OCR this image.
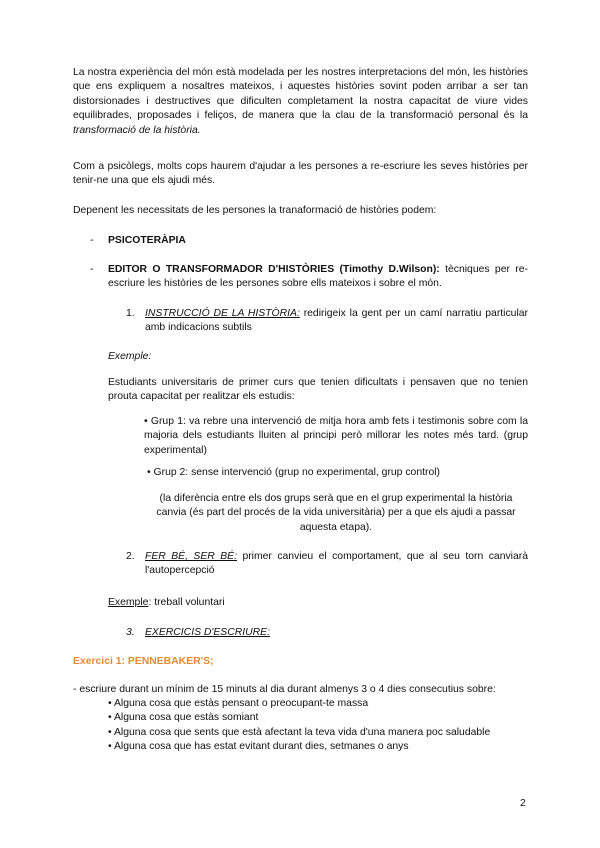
La nostra experiència del món està modelada per les nostres interpretacions del món, les històries que ens expliquem a nosaltres mateixos, i aquestes històries sovint poden arribar a ser tan distorsionades i destructives que dificulten completament la nostra capacitat de viure vides equilibrades, proposades i feliços, de manera que la clau de la transformació personal és la transformació de la història.

Com a psicòlegs, molts cops haurem d'ajudar a les persones a re-escriure les seves històries per tenir-ne una que els ajudi més.

Depenent les necessitats de les persones la tranaformació de històries podem:

- PSICOTERÀPIA
- EDITOR O TRANSFORMADOR D'HISTÒRIES (Timothy D.Wilson): tècniques per re-escriure les històries de les persones sobre ells mateixos i sobre el món.

1. INSTRUCCIÓ DE LA HISTÒRIA: redirigeix la gent per un camí narratiu particular amb indicacions subtils

Exemple:

Estudiants universitaris de primer curs que tenien dificultats i pensaven que no tenien prouta capacitat per realitzar els estudis:

• Grup 1: va rebre una intervenció de mitja hora amb fets i testimonis sobre com la majoria dels estudiants lluiten al principi però millorar les notes més tard. (grup experimental)

• Grup 2: sense intervenció (grup no experimental, grup control)

(la diferència entre els dos grups serà que en el grup experimental la història
canvia (és part del procés de la vida universitària) per a que els ajudi a passar
aquesta etapa).
2. FER BÉ, SER BÉ: primer canvieu el comportament, que al seu torn canviarà l'autopercepció

Exemple: treball voluntari

3. EXERCICIS D'ESCRIURE:
Exercici 1: PENNEBAKER'S;

- escriure durant un mínim de 15 minuts al dia durant almenys 3 o 4 dies consecutius sobre:

• Alguna cosa que estàs pensant o preocupant-te massa
• Alguna cosa que estàs somiant
• Alguna cosa que sents que està afectant la teva vida d'una manera poc saludable
• Alguna cosa que has estat evitant durant dies, setmanes o anys
2
